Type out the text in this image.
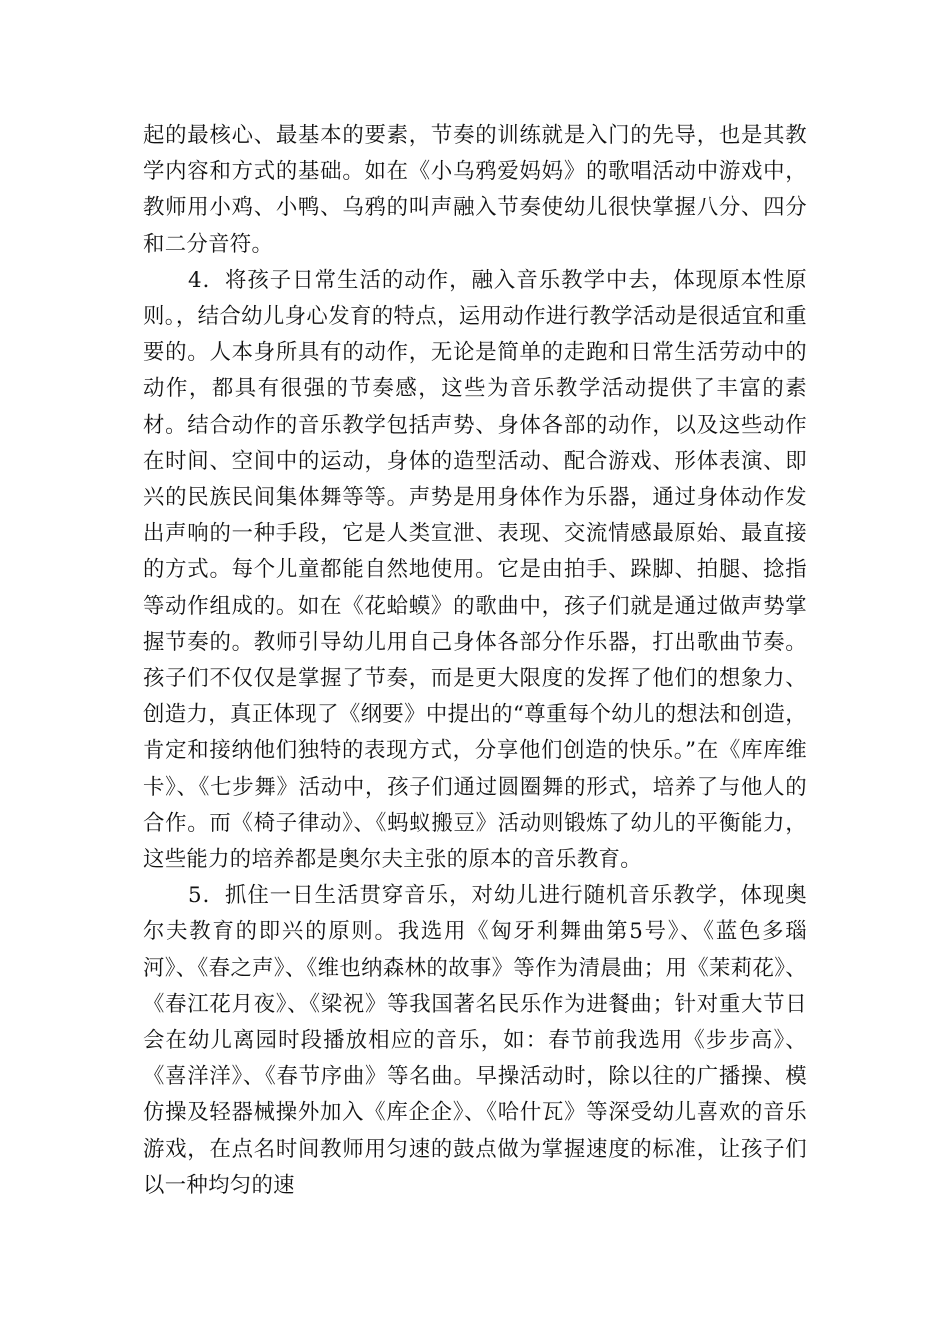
起的最核心、最基本的要素，节奏的训练就是入门的先导，也是其教学内容和方式的基础。如在《小乌鸦爱妈妈》的歌唱活动中游戏中，教师用小鸡、小鸭、乌鸦的叫声融入节奏使幼儿很快掌握八分、四分和二分音符。

4．将孩子日常生活的动作，融入音乐教学中去，体现原本性原则。，结合幼儿身心发育的特点，运用动作进行教学活动是很适宜和重要的。人本身所具有的动作，无论是简单的走跑和日常生活劳动中的动作，都具有很强的节奏感，这些为音乐教学活动提供了丰富的素材。结合动作的音乐教学包括声势、身体各部的动作，以及这些动作在时间、空间中的运动，身体的造型活动、配合游戏、形体表演、即兴的民族民间集体舞等等。声势是用身体作为乐器，通过身体动作发出声响的一种手段，它是人类宣泄、表现、交流情感最原始、最直接的方式。每个儿童都能自然地使用。它是由拍手、跺脚、拍腿、捻指等动作组成的。如在《花蛤蟆》的歌曲中，孩子们就是通过做声势掌握节奏的。教师引导幼儿用自己身体各部分作乐器，打出歌曲节奏。孩子们不仅仅是掌握了节奏，而是更大限度的发挥了他们的想象力、创造力，真正体现了《纲要》中提出的“尊重每个幼儿的想法和创造，肯定和接纳他们独特的表现方式，分享他们创造的快乐。”在《库库维卡》、《七步舞》活动中，孩子们通过圆圈舞的形式，培养了与他人的合作。而《椅子律动》、《蚂蚁搬豆》活动则锻炼了幼儿的平衡能力，这些能力的培养都是奥尔夫主张的原本的音乐教育。

5．抓住一日生活贯穿音乐，对幼儿进行随机音乐教学，体现奥尔夫教育的即兴的原则。我选用《匈牙利舞曲第5号》、《蓝色多瑙河》、《春之声》、《维也纳森林的故事》等作为清晨曲；用《茉莉花》、《春江花月夜》、《梁祝》等我国著名民乐作为进餐曲；针对重大节日会在幼儿离园时段播放相应的音乐，如：春节前我选用《步步高》、《喜洋洋》、《春节序曲》等名曲。早操活动时，除以往的广播操、模仿操及轻器械操外加入《库企企》、《哈什瓦》等深受幼儿喜欢的音乐游戏，在点名时间教师用匀速的鼓点做为掌握速度的标准，让孩子们以一种均匀的速
